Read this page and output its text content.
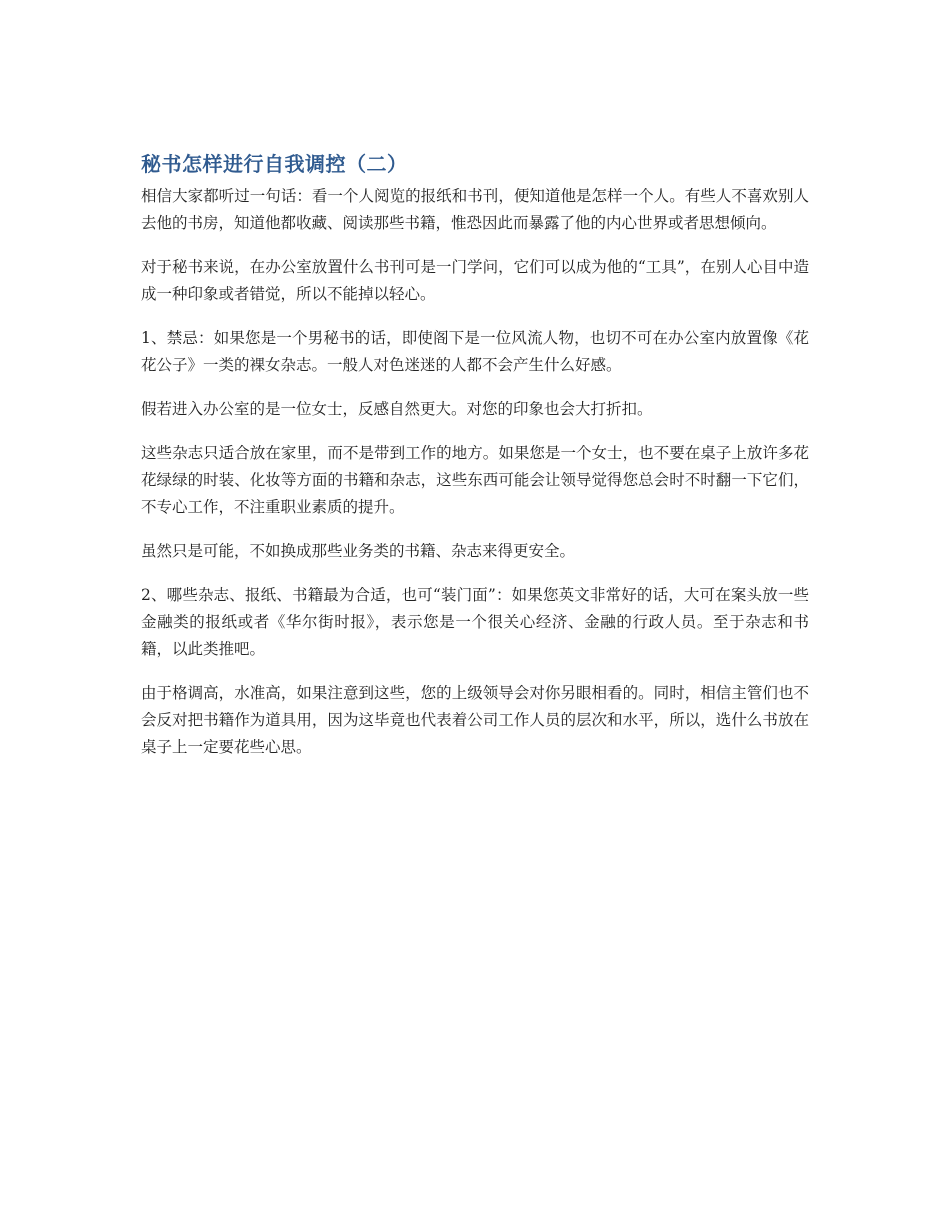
秘书怎样进行自我调控（二）

相信大家都听过一句话：看一个人阅览的报纸和书刊，便知道他是怎样一个人。有些人不喜欢别人去他的书房，知道他都收藏、阅读那些书籍，惟恐因此而暴露了他的内心世界或者思想倾向。

对于秘书来说，在办公室放置什么书刊可是一门学问，它们可以成为他的“工具”，在别人心目中造成一种印象或者错觉，所以不能掉以轻心。

1、禁忌：如果您是一个男秘书的话，即使阁下是一位风流人物，也切不可在办公室内放置像《花花公子》一类的裸女杂志。一般人对色迷迷的人都不会产生什么好感。

假若进入办公室的是一位女士，反感自然更大。对您的印象也会大打折扣。

这些杂志只适合放在家里，而不是带到工作的地方。如果您是一个女士，也不要在桌子上放许多花花绿绿的时装、化妆等方面的书籍和杂志，这些东西可能会让领导觉得您总会时不时翻一下它们，不专心工作，不注重职业素质的提升。

虽然只是可能，不如换成那些业务类的书籍、杂志来得更安全。

2、哪些杂志、报纸、书籍最为合适，也可“装门面”：如果您英文非常好的话，大可在案头放一些金融类的报纸或者《华尔街时报》，表示您是一个很关心经济、金融的行政人员。至于杂志和书籍，以此类推吧。

由于格调高，水准高，如果注意到这些，您的上级领导会对你另眼相看的。同时，相信主管们也不会反对把书籍作为道具用，因为这毕竟也代表着公司工作人员的层次和水平，所以，选什么书放在桌子上一定要花些心思。
